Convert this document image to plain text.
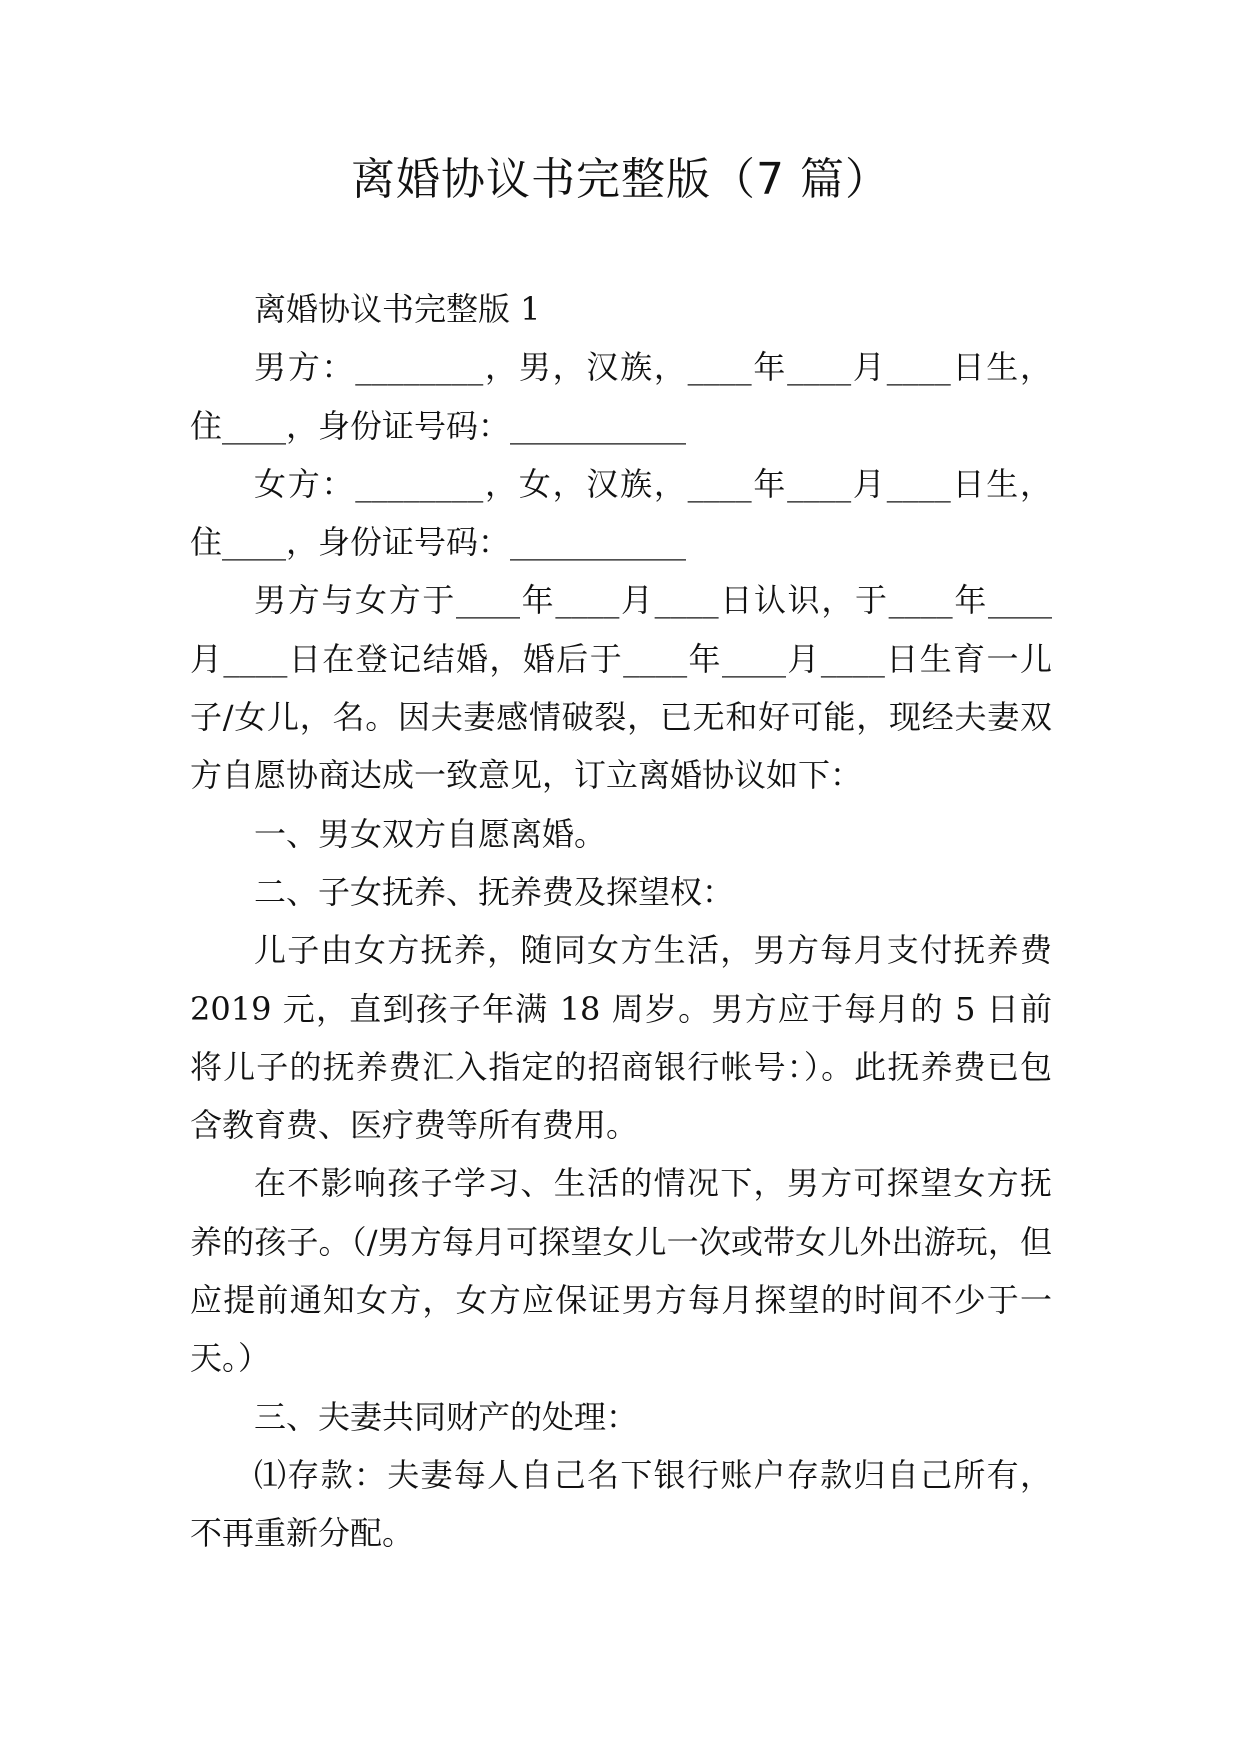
离婚协议书完整版（7 篇）

离婚协议书完整版 1

男方：________，男，汉族，____年____月____日生，住____，身份证号码：___________

女方：________，女，汉族，____年____月____日生，住____，身份证号码：___________

男方与女方于____年____月____日认识，于____年____月____日在登记结婚，婚后于____年____月____日生育一儿子/女儿，名。因夫妻感情破裂，已无和好可能，现经夫妻双方自愿协商达成一致意见，订立离婚协议如下：

一、男女双方自愿离婚。

二、子女抚养、抚养费及探望权：

儿子由女方抚养，随同女方生活，男方每月支付抚养费 2019 元，直到孩子年满 18 周岁。男方应于每月的 5 日前将儿子的抚养费汇入指定的招商银行帐号：）。此抚养费已包含教育费、医疗费等所有费用。

在不影响孩子学习、生活的情况下，男方可探望女方抚养的孩子。（/男方每月可探望女儿一次或带女儿外出游玩，但应提前通知女方，女方应保证男方每月探望的时间不少于一天。）

三、夫妻共同财产的处理：

⑴存款：夫妻每人自己名下银行账户存款归自己所有，不再重新分配。
